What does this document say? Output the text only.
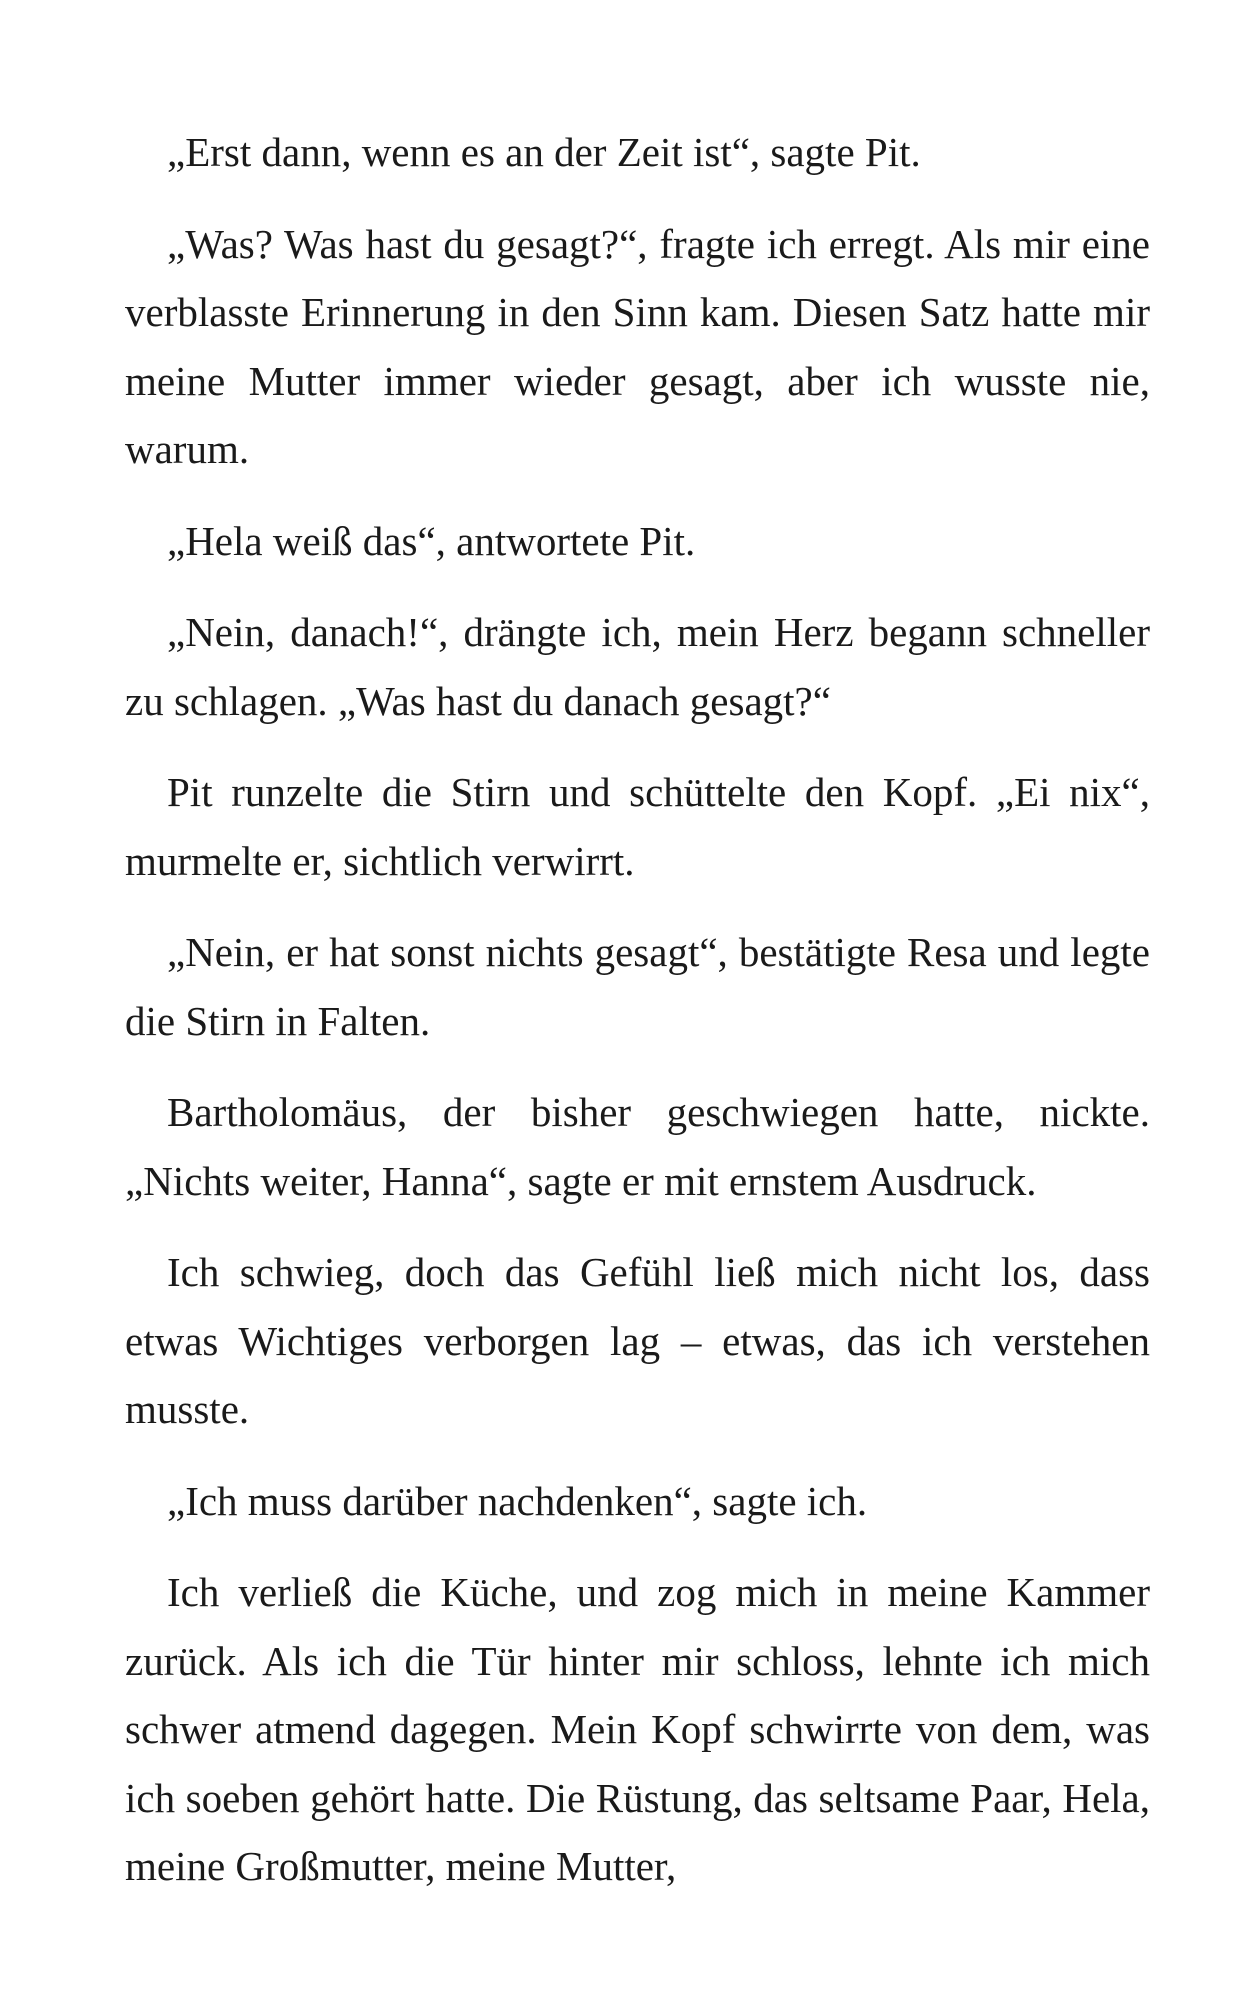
„Erst dann, wenn es an der Zeit ist“, sagte Pit.

„Was? Was hast du gesagt?“, fragte ich erregt. Als mir eine verblasste Erinnerung in den Sinn kam. Diesen Satz hatte mir meine Mutter immer wieder gesagt, aber ich wusste nie, warum.

„Hela weiß das“, antwortete Pit.

„Nein, danach!“, drängte ich, mein Herz begann schneller zu schlagen. „Was hast du danach gesagt?“

Pit runzelte die Stirn und schüttelte den Kopf. „Ei nix“, murmelte er, sichtlich verwirrt.

„Nein, er hat sonst nichts gesagt“, bestätigte Resa und legte die Stirn in Falten.

Bartholomäus, der bisher geschwiegen hatte, nickte. „Nichts weiter, Hanna“, sagte er mit ernstem Ausdruck.

Ich schwieg, doch das Gefühl ließ mich nicht los, dass etwas Wichtiges verborgen lag – etwas, das ich verstehen musste.

„Ich muss darüber nachdenken“, sagte ich.

Ich verließ die Küche, und zog mich in meine Kammer zurück. Als ich die Tür hinter mir schloss, lehnte ich mich schwer atmend dagegen. Mein Kopf schwirrte von dem, was ich soeben gehört hatte. Die Rüstung, das seltsame Paar, Hela, meine Großmutter, meine Mutter,
